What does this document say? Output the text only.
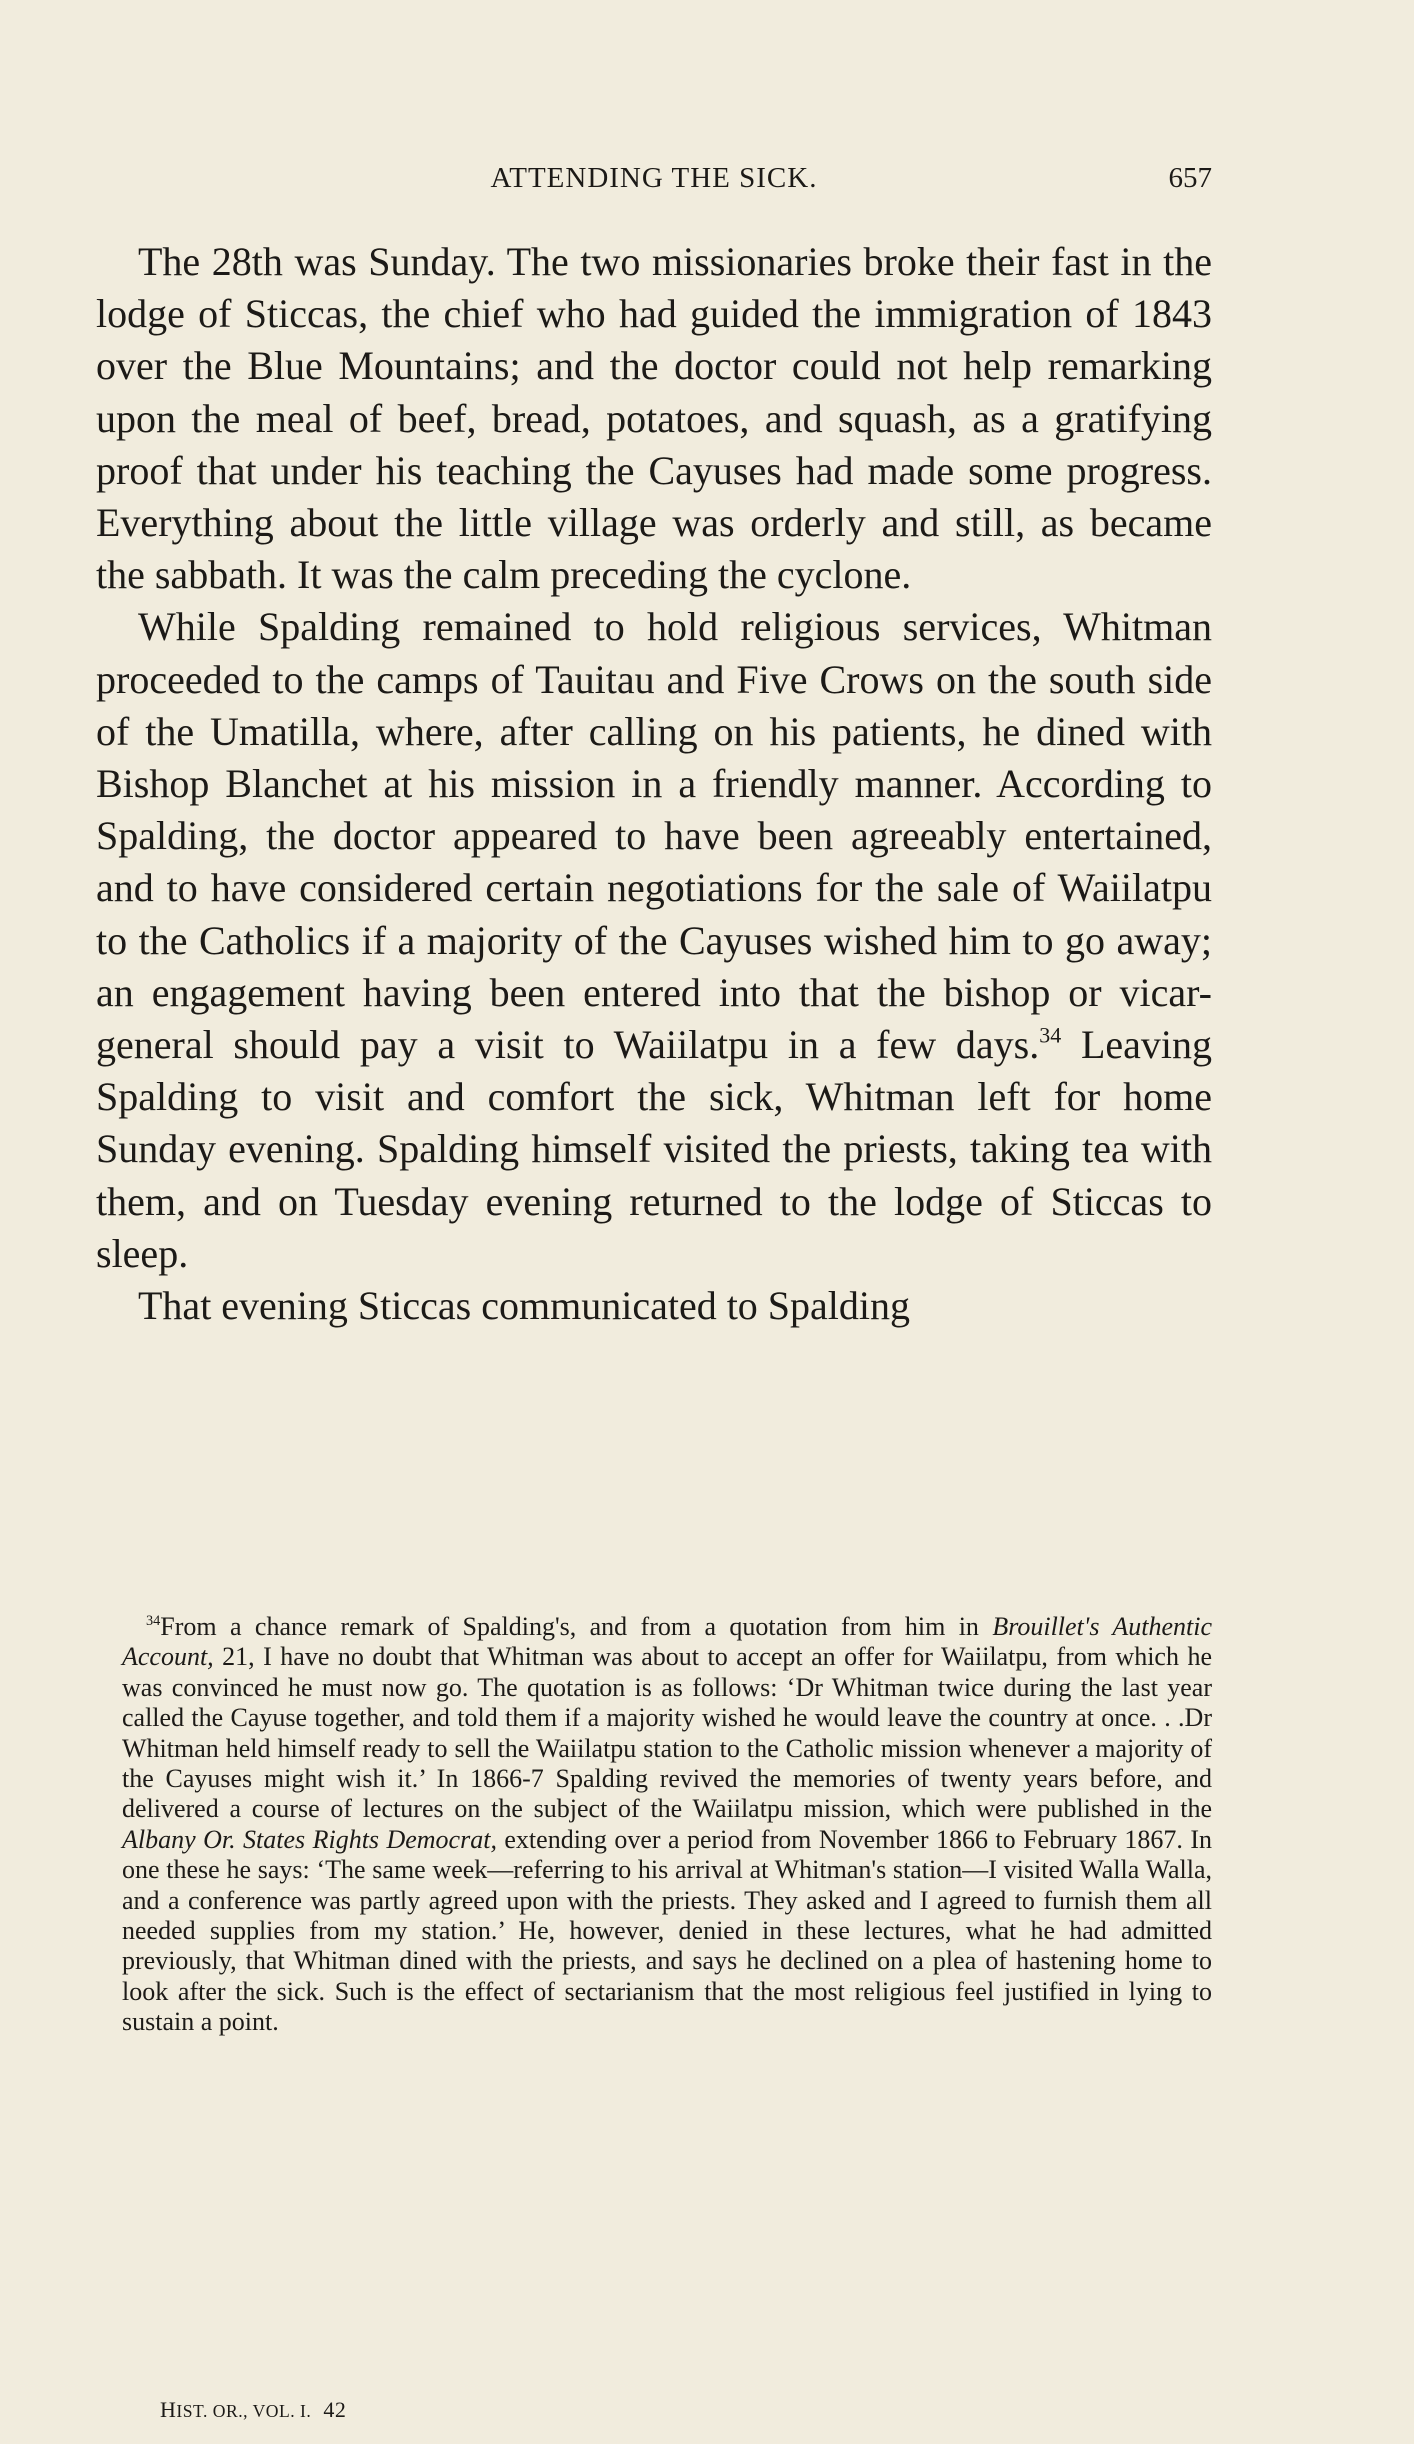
ATTENDING THE SICK.	657

The 28th was Sunday. The two missionaries broke their fast in the lodge of Sticcas, the chief who had guided the immigration of 1843 over the Blue Mountains; and the doctor could not help remarking upon the meal of beef, bread, potatoes, and squash, as a gratifying proof that under his teaching the Cayuses had made some progress. Everything about the little village was orderly and still, as became the sabbath. It was the calm preceding the cyclone.

While Spalding remained to hold religious services, Whitman proceeded to the camps of Tauitau and Five Crows on the south side of the Umatilla, where, after calling on his patients, he dined with Bishop Blanchet at his mission in a friendly manner. According to Spalding, the doctor appeared to have been agreeably entertained, and to have considered certain negotiations for the sale of Waiilatpu to the Catholics if a majority of the Cayuses wished him to go away; an engagement having been entered into that the bishop or vicar-general should pay a visit to Waiilatpu in a few days.$^{34}$ Leaving Spalding to visit and comfort the sick, Whitman left for home Sunday evening. Spalding himself visited the priests, taking tea with them, and on Tuesday evening returned to the lodge of Sticcas to sleep.

That evening Sticcas communicated to Spalding

$^{34}$From a chance remark of Spalding's, and from a quotation from him in Brouillet's Authentic Account, 21, I have no doubt that Whitman was about to accept an offer for Waiilatpu, from which he was convinced he must now go. The quotation is as follows: ‘Dr Whitman twice during the last year called the Cayuse together, and told them if a majority wished he would leave the country at once. . .Dr Whitman held himself ready to sell the Waiilatpu station to the Catholic mission whenever a majority of the Cayuses might wish it.’ In 1866-7 Spalding revived the memories of twenty years before, and delivered a course of lectures on the subject of the Waiilatpu mission, which were published in the Albany Or. States Rights Democrat, extending over a period from November 1866 to February 1867. In one these he says: ‘The same week—referring to his arrival at Whitman's station—I visited Walla Walla, and a conference was partly agreed upon with the priests. They asked and I agreed to furnish them all needed supplies from my station.’ He, however, denied in these lectures, what he had admitted previously, that Whitman dined with the priests, and says he declined on a plea of hastening home to look after the sick. Such is the effect of sectarianism that the most religious feel justified in lying to sustain a point.

HIST. OR., VOL. I. 42
